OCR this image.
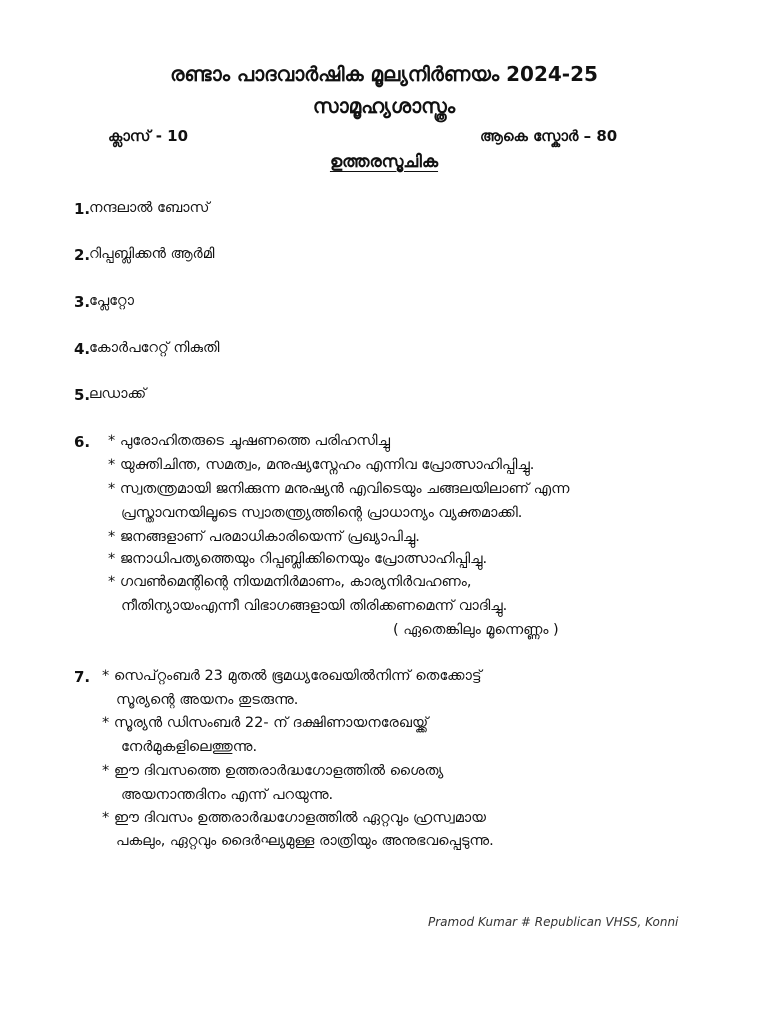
രണ്ടാം പാദവാർഷിക മൂല്യനിർണയം 2024-25
സാമൂഹ്യശാസ്ത്രം
ക്ലാസ് - 10	ആകെ സ്കോർ – 80
ഉത്തരസൂചിക
1.
നന്ദലാൽ ബോസ്
2.
റിപ്പബ്ലിക്കൻ ആർമി
3.
പ്ലേറ്റോ
4.
കോർപറേറ്റ് നികുതി
5.
ലഡാക്ക്
6. * പുരോഹിതരുടെ ചൂഷണത്തെ പരിഹസിച്ചു
* യുക്തിചിന്ത, സമത്വം, മനുഷ്യസ്നേഹം എന്നിവ പ്രോത്സാഹിപ്പിച്ചു.
* സ്വതന്ത്രമായി ജനിക്കുന്ന മനുഷ്യൻ എവിടെയും ചങ്ങലയിലാണ് എന്ന
പ്രസ്താവനയിലൂടെ സ്വാതന്ത്ര്യത്തിന്റെ പ്രാധാന്യം വ്യക്തമാക്കി.
* ജനങ്ങളാണ് പരമാധികാരിയെന്ന് പ്രഖ്യാപിച്ചു.
* ജനാധിപത്യത്തെയും റിപ്പബ്ലിക്കിനെയും പ്രോത്സാഹിപ്പിച്ചു.
* ഗവൺമെന്റിന്റെ നിയമനിർമാണം, കാര്യനിർവഹണം,
നീതിന്യായംഎന്നീ വിഭാഗങ്ങളായി തിരിക്കണമെന്ന് വാദിച്ചു.
( ഏതെങ്കിലും മൂന്നെണ്ണം )
7. * സെപ്റ്റംബർ 23 മുതൽ ഭൂമധ്യരേഖയിൽനിന്ന് തെക്കോട്ട്
സൂര്യന്റെ അയനം തുടരുന്നു.
* സൂര്യൻ ഡിസംബർ 22- ന് ദക്ഷിണായനരേഖയ്ക്ക്
നേർമുകളിലെത്തുന്നു.
* ഈ ദിവസത്തെ ഉത്തരാർദ്ധഗോളത്തിൽ ശൈത്യ
അയനാന്തദിനം എന്ന് പറയുന്നു.
* ഈ ദിവസം ഉത്തരാർദ്ധഗോളത്തിൽ ഏറ്റവും ഹ്രസ്വമായ
പകലും, ഏറ്റവും ദൈർഘ്യമുള്ള രാത്രിയും അനുഭവപ്പെടുന്നു.
Pramod Kumar # Republican VHSS, Konni
